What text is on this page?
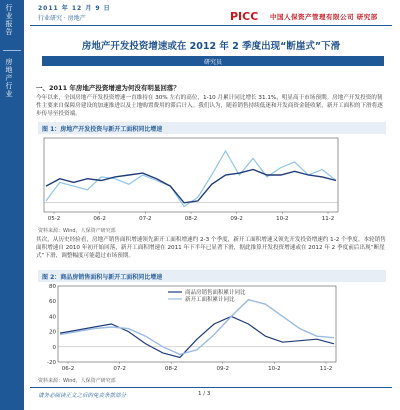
行业报告
房地产行业
2011 年 12 月 9 日
行业研究 · 房地产	PICC 中国人保资产管理有限公司 研究部
房地产开发投资增速或在 2012 年 2 季度出现“断崖式”下滑
研究员
一、2011 年房地产投资增速为何没有明显回落？
今年以来，全国房地产开发投资增速一直维持在 30% 左右的高位，1-10 月累计同比增长 31.1%，明显高于市场预期。房地产开发投资的韧性主要来自保障房建设的加速推进以及土地购置费用的滞后计入。我们认为，随着销售持续低迷和开发商资金链收紧，新开工面积的下滑将逐步传导至投资端。
图 1：房地产开发投资与新开工面积同比增速
05-2	06-2	07-2	08-2	09-2	10-2	11-2
资料来源：Wind，人保资产研究部
其次，从历史经验看，房地产销售面积增速领先新开工面积增速约 2-3 个季度，新开工面积增速又领先开发投资增速约 1-2 个季度。本轮销售面积增速自 2010 年初开始回落，新开工面积增速在 2011 年下半年已显著下滑，据此推算开发投资增速或在 2012 年 2 季度前后出现“断崖式”下滑，调整幅度可能超过市场预期。
图 2：商品房销售面积与新开工面积同比增速
-20
0
20
40
60
80
06-2	07-2	08-2	09-2	10-2	11-2
商品房销售面积累计同比
新开工面积累计同比
资料来源：Wind，人保资产研究部
请务必阅读正文之后的免责条款部分	1 / 3
